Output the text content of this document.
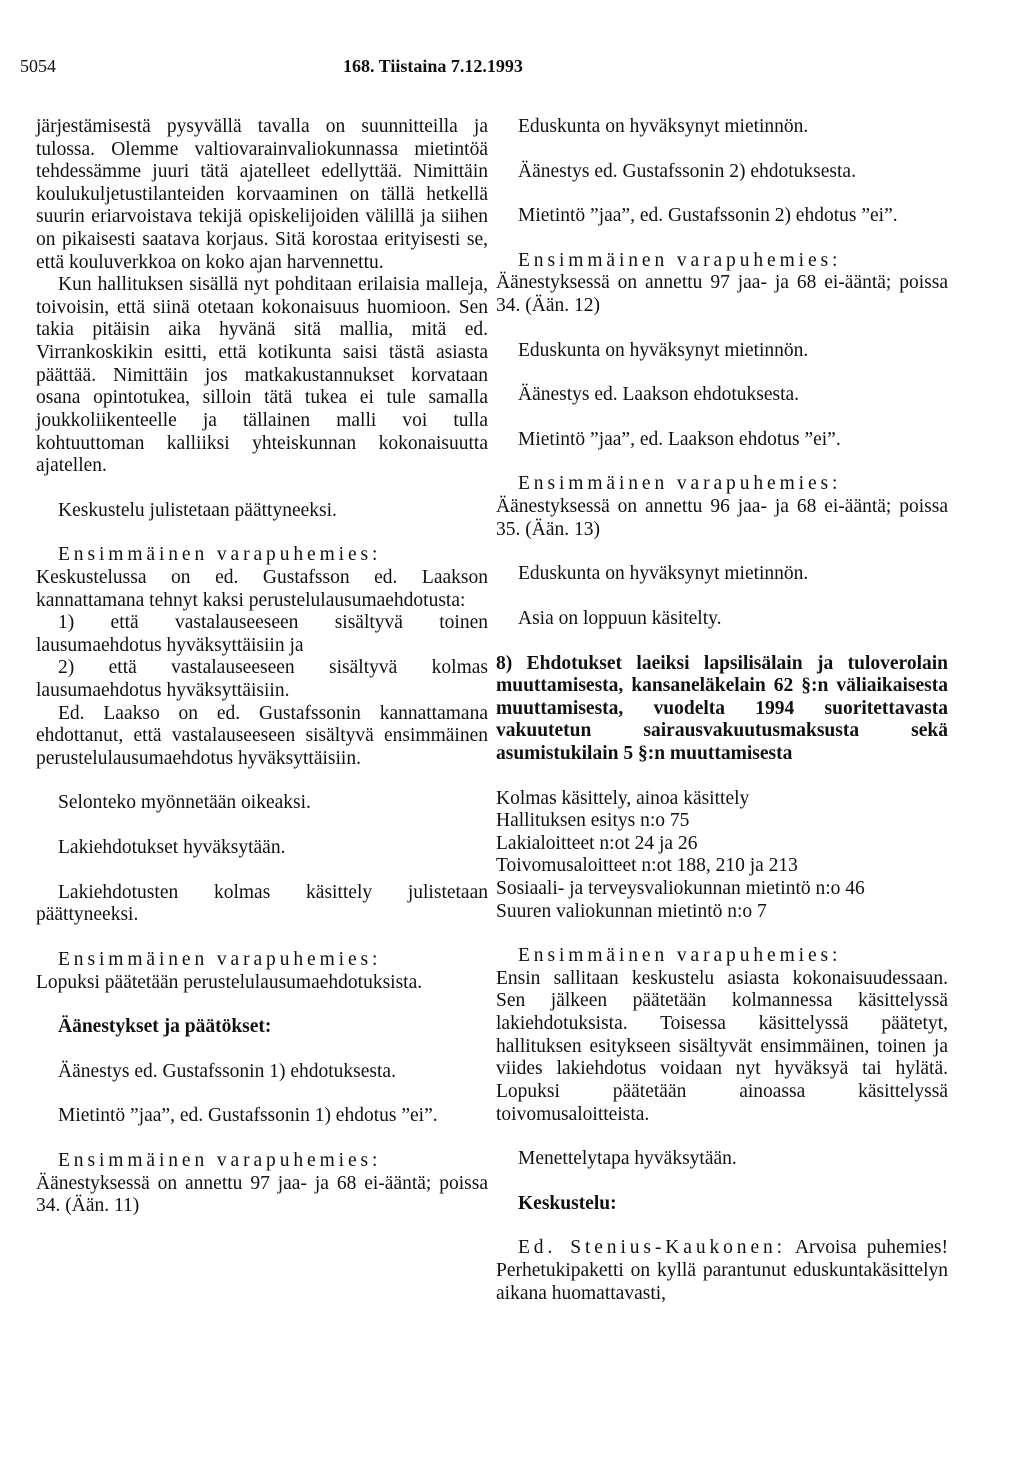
5054	168. Tiistaina 7.12.1993

järjestämisestä pysyvällä tavalla on suunnitteilla ja tulossa. Olemme valtiovarainvaliokunnassa mietintöä tehdessämme juuri tätä ajatelleet edellyttää. Nimittäin koulukuljetustilanteiden korvaaminen on tällä hetkellä suurin eriarvoistava tekijä opiskelijoiden välillä ja siihen on pikaisesti saatava korjaus. Sitä korostaa erityisesti se, että kouluverkkoa on koko ajan harvennettu.

Kun hallituksen sisällä nyt pohditaan erilaisia malleja, toivoisin, että siinä otetaan kokonaisuus huomioon. Sen takia pitäisin aika hyvänä sitä mallia, mitä ed. Virrankoskikin esitti, että kotikunta saisi tästä asiasta päättää. Nimittäin jos matkakustannukset korvataan osana opintotukea, silloin tätä tukea ei tule samalla joukkoliikenteelle ja tällainen malli voi tulla kohtuuttoman kalliiksi yhteiskunnan kokonaisuutta ajatellen.

Keskustelu julistetaan päättyneeksi.

Ensimmäinen varapuhemies:

Keskustelussa on ed. Gustafsson ed. Laakson kannattamana tehnyt kaksi perustelulausumaehdotusta:

1) että vastalauseeseen sisältyvä toinen lausumaehdotus hyväksyttäisiin ja

2) että vastalauseeseen sisältyvä kolmas lausumaehdotus hyväksyttäisiin.

Ed. Laakso on ed. Gustafssonin kannattamana ehdottanut, että vastalauseeseen sisältyvä ensimmäinen perustelulausumaehdotus hyväksyttäisiin.

Selonteko myönnetään oikeaksi.

Lakiehdotukset hyväksytään.

Lakiehdotusten kolmas käsittely julistetaan päättyneeksi.

Ensimmäinen varapuhemies:

Lopuksi päätetään perustelulausumaehdotuksista.

Äänestykset ja päätökset:

Äänestys ed. Gustafssonin 1) ehdotuksesta.

Mietintö ”jaa”, ed. Gustafssonin 1) ehdotus ”ei”.

Ensimmäinen varapuhemies:

Äänestyksessä on annettu 97 jaa- ja 68 ei-ääntä; poissa 34. (Ään. 11)

Eduskunta on hyväksynyt mietinnön.

Äänestys ed. Gustafssonin 2) ehdotuksesta.

Mietintö ”jaa”, ed. Gustafssonin 2) ehdotus ”ei”.

Ensimmäinen varapuhemies:

Äänestyksessä on annettu 97 jaa- ja 68 ei-ääntä; poissa 34. (Ään. 12)

Eduskunta on hyväksynyt mietinnön.

Äänestys ed. Laakson ehdotuksesta.

Mietintö ”jaa”, ed. Laakson ehdotus ”ei”.

Ensimmäinen varapuhemies:

Äänestyksessä on annettu 96 jaa- ja 68 ei-ääntä; poissa 35. (Ään. 13)

Eduskunta on hyväksynyt mietinnön.

Asia on loppuun käsitelty.

8) Ehdotukset laeiksi lapsilisälain ja tuloverolain muuttamisesta, kansaneläkelain 62 §:n väliaikaisesta muuttamisesta, vuodelta 1994 suoritettavasta vakuutetun sairausvakuutusmaksusta sekä asumistukilain 5 §:n muuttamisesta

Kolmas käsittely, ainoa käsittely

Hallituksen esitys n:o 75

Lakialoitteet n:ot 24 ja 26

Toivomusaloitteet n:ot 188, 210 ja 213

Sosiaali- ja terveysvaliokunnan mietintö n:o 46

Suuren valiokunnan mietintö n:o 7

Ensimmäinen varapuhemies:

Ensin sallitaan keskustelu asiasta kokonaisuudessaan. Sen jälkeen päätetään kolmannessa käsittelyssä lakiehdotuksista. Toisessa käsittelyssä päätetyt, hallituksen esitykseen sisältyvät ensimmäinen, toinen ja viides lakiehdotus voidaan nyt hyväksyä tai hylätä. Lopuksi päätetään ainoassa käsittelyssä toivomusaloitteista.

Menettelytapa hyväksytään.

Keskustelu:

Ed. Stenius-Kaukonen: Arvoisa puhemies! Perhetukipaketti on kyllä parantunut eduskuntakäsittelyn aikana huomattavasti,
